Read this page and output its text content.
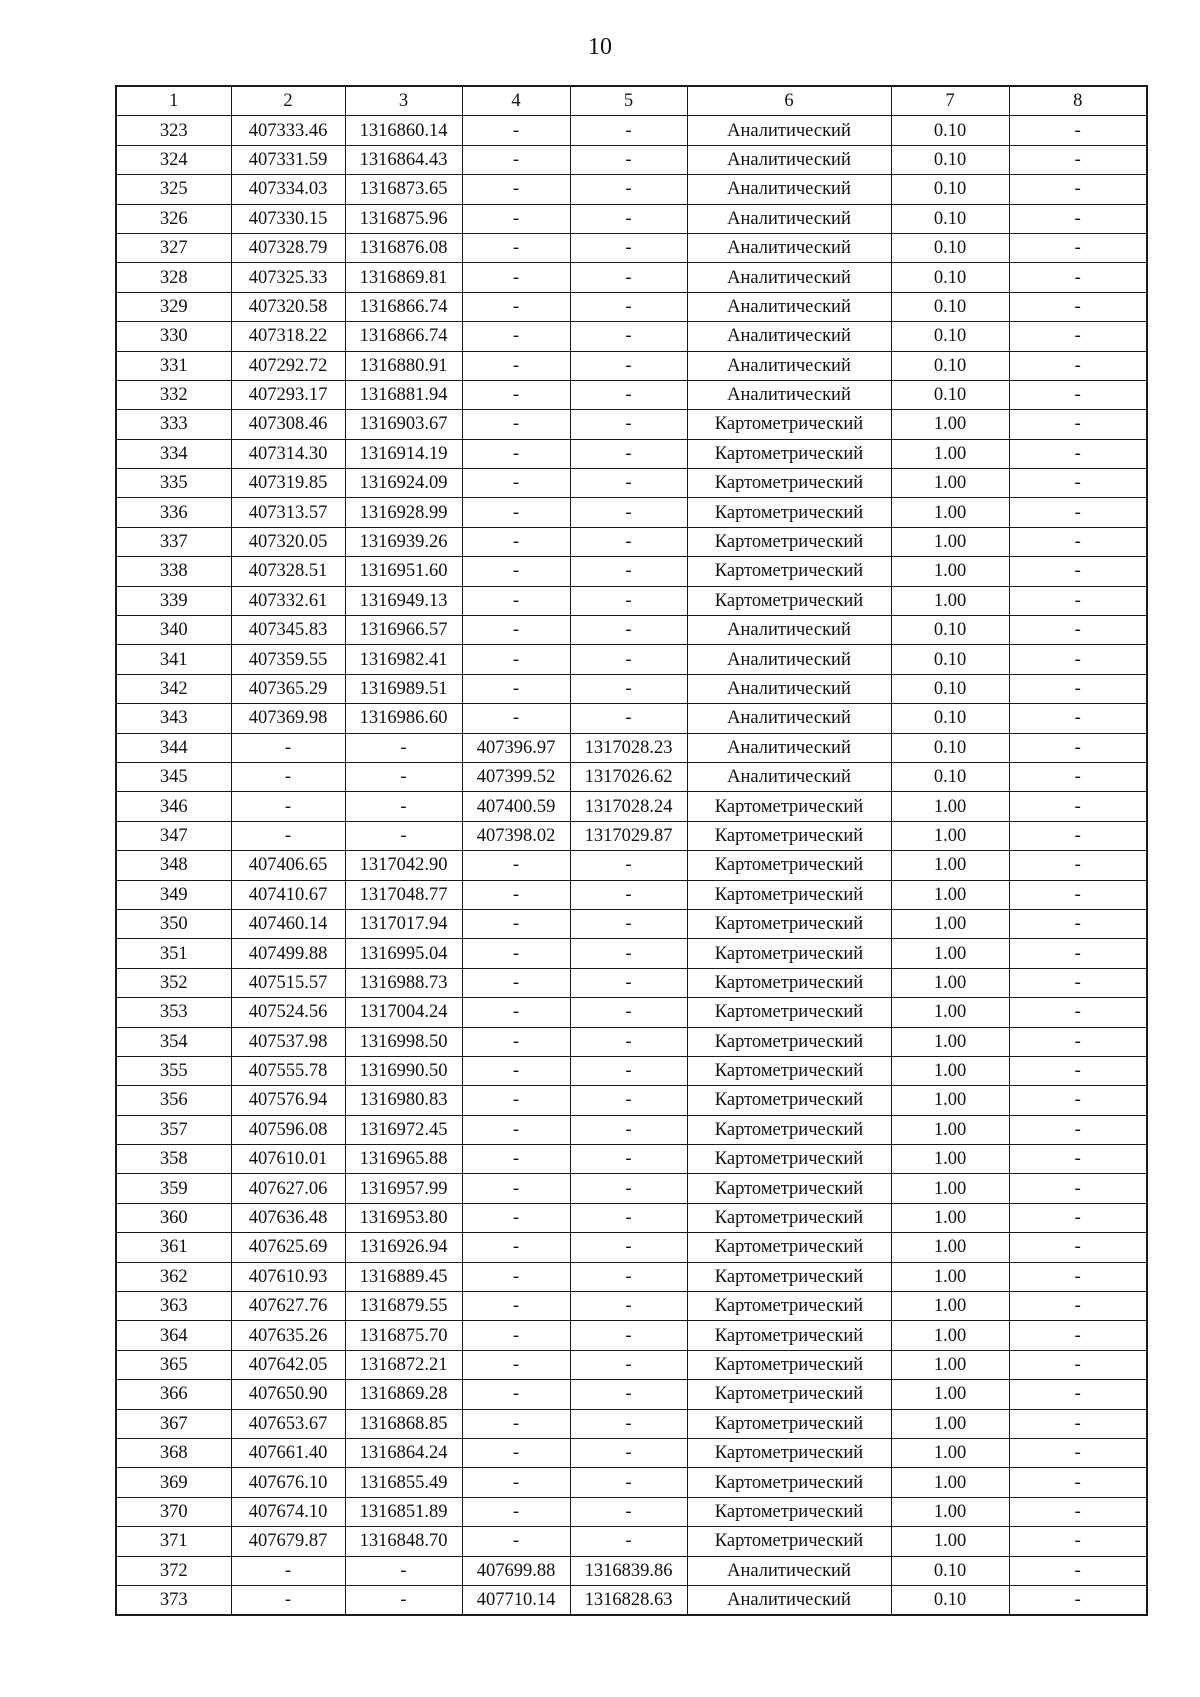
10
1	2	3	4	5	6	7	8
323	407333.46	1316860.14	-	-	Аналитический	0.10	-
324	407331.59	1316864.43	-	-	Аналитический	0.10	-
325	407334.03	1316873.65	-	-	Аналитический	0.10	-
326	407330.15	1316875.96	-	-	Аналитический	0.10	-
327	407328.79	1316876.08	-	-	Аналитический	0.10	-
328	407325.33	1316869.81	-	-	Аналитический	0.10	-
329	407320.58	1316866.74	-	-	Аналитический	0.10	-
330	407318.22	1316866.74	-	-	Аналитический	0.10	-
331	407292.72	1316880.91	-	-	Аналитический	0.10	-
332	407293.17	1316881.94	-	-	Аналитический	0.10	-
333	407308.46	1316903.67	-	-	Картометрический	1.00	-
334	407314.30	1316914.19	-	-	Картометрический	1.00	-
335	407319.85	1316924.09	-	-	Картометрический	1.00	-
336	407313.57	1316928.99	-	-	Картометрический	1.00	-
337	407320.05	1316939.26	-	-	Картометрический	1.00	-
338	407328.51	1316951.60	-	-	Картометрический	1.00	-
339	407332.61	1316949.13	-	-	Картометрический	1.00	-
340	407345.83	1316966.57	-	-	Аналитический	0.10	-
341	407359.55	1316982.41	-	-	Аналитический	0.10	-
342	407365.29	1316989.51	-	-	Аналитический	0.10	-
343	407369.98	1316986.60	-	-	Аналитический	0.10	-
344	-	-	407396.97	1317028.23	Аналитический	0.10	-
345	-	-	407399.52	1317026.62	Аналитический	0.10	-
346	-	-	407400.59	1317028.24	Картометрический	1.00	-
347	-	-	407398.02	1317029.87	Картометрический	1.00	-
348	407406.65	1317042.90	-	-	Картометрический	1.00	-
349	407410.67	1317048.77	-	-	Картометрический	1.00	-
350	407460.14	1317017.94	-	-	Картометрический	1.00	-
351	407499.88	1316995.04	-	-	Картометрический	1.00	-
352	407515.57	1316988.73	-	-	Картометрический	1.00	-
353	407524.56	1317004.24	-	-	Картометрический	1.00	-
354	407537.98	1316998.50	-	-	Картометрический	1.00	-
355	407555.78	1316990.50	-	-	Картометрический	1.00	-
356	407576.94	1316980.83	-	-	Картометрический	1.00	-
357	407596.08	1316972.45	-	-	Картометрический	1.00	-
358	407610.01	1316965.88	-	-	Картометрический	1.00	-
359	407627.06	1316957.99	-	-	Картометрический	1.00	-
360	407636.48	1316953.80	-	-	Картометрический	1.00	-
361	407625.69	1316926.94	-	-	Картометрический	1.00	-
362	407610.93	1316889.45	-	-	Картометрический	1.00	-
363	407627.76	1316879.55	-	-	Картометрический	1.00	-
364	407635.26	1316875.70	-	-	Картометрический	1.00	-
365	407642.05	1316872.21	-	-	Картометрический	1.00	-
366	407650.90	1316869.28	-	-	Картометрический	1.00	-
367	407653.67	1316868.85	-	-	Картометрический	1.00	-
368	407661.40	1316864.24	-	-	Картометрический	1.00	-
369	407676.10	1316855.49	-	-	Картометрический	1.00	-
370	407674.10	1316851.89	-	-	Картометрический	1.00	-
371	407679.87	1316848.70	-	-	Картометрический	1.00	-
372	-	-	407699.88	1316839.86	Аналитический	0.10	-
373	-	-	407710.14	1316828.63	Аналитический	0.10	-
